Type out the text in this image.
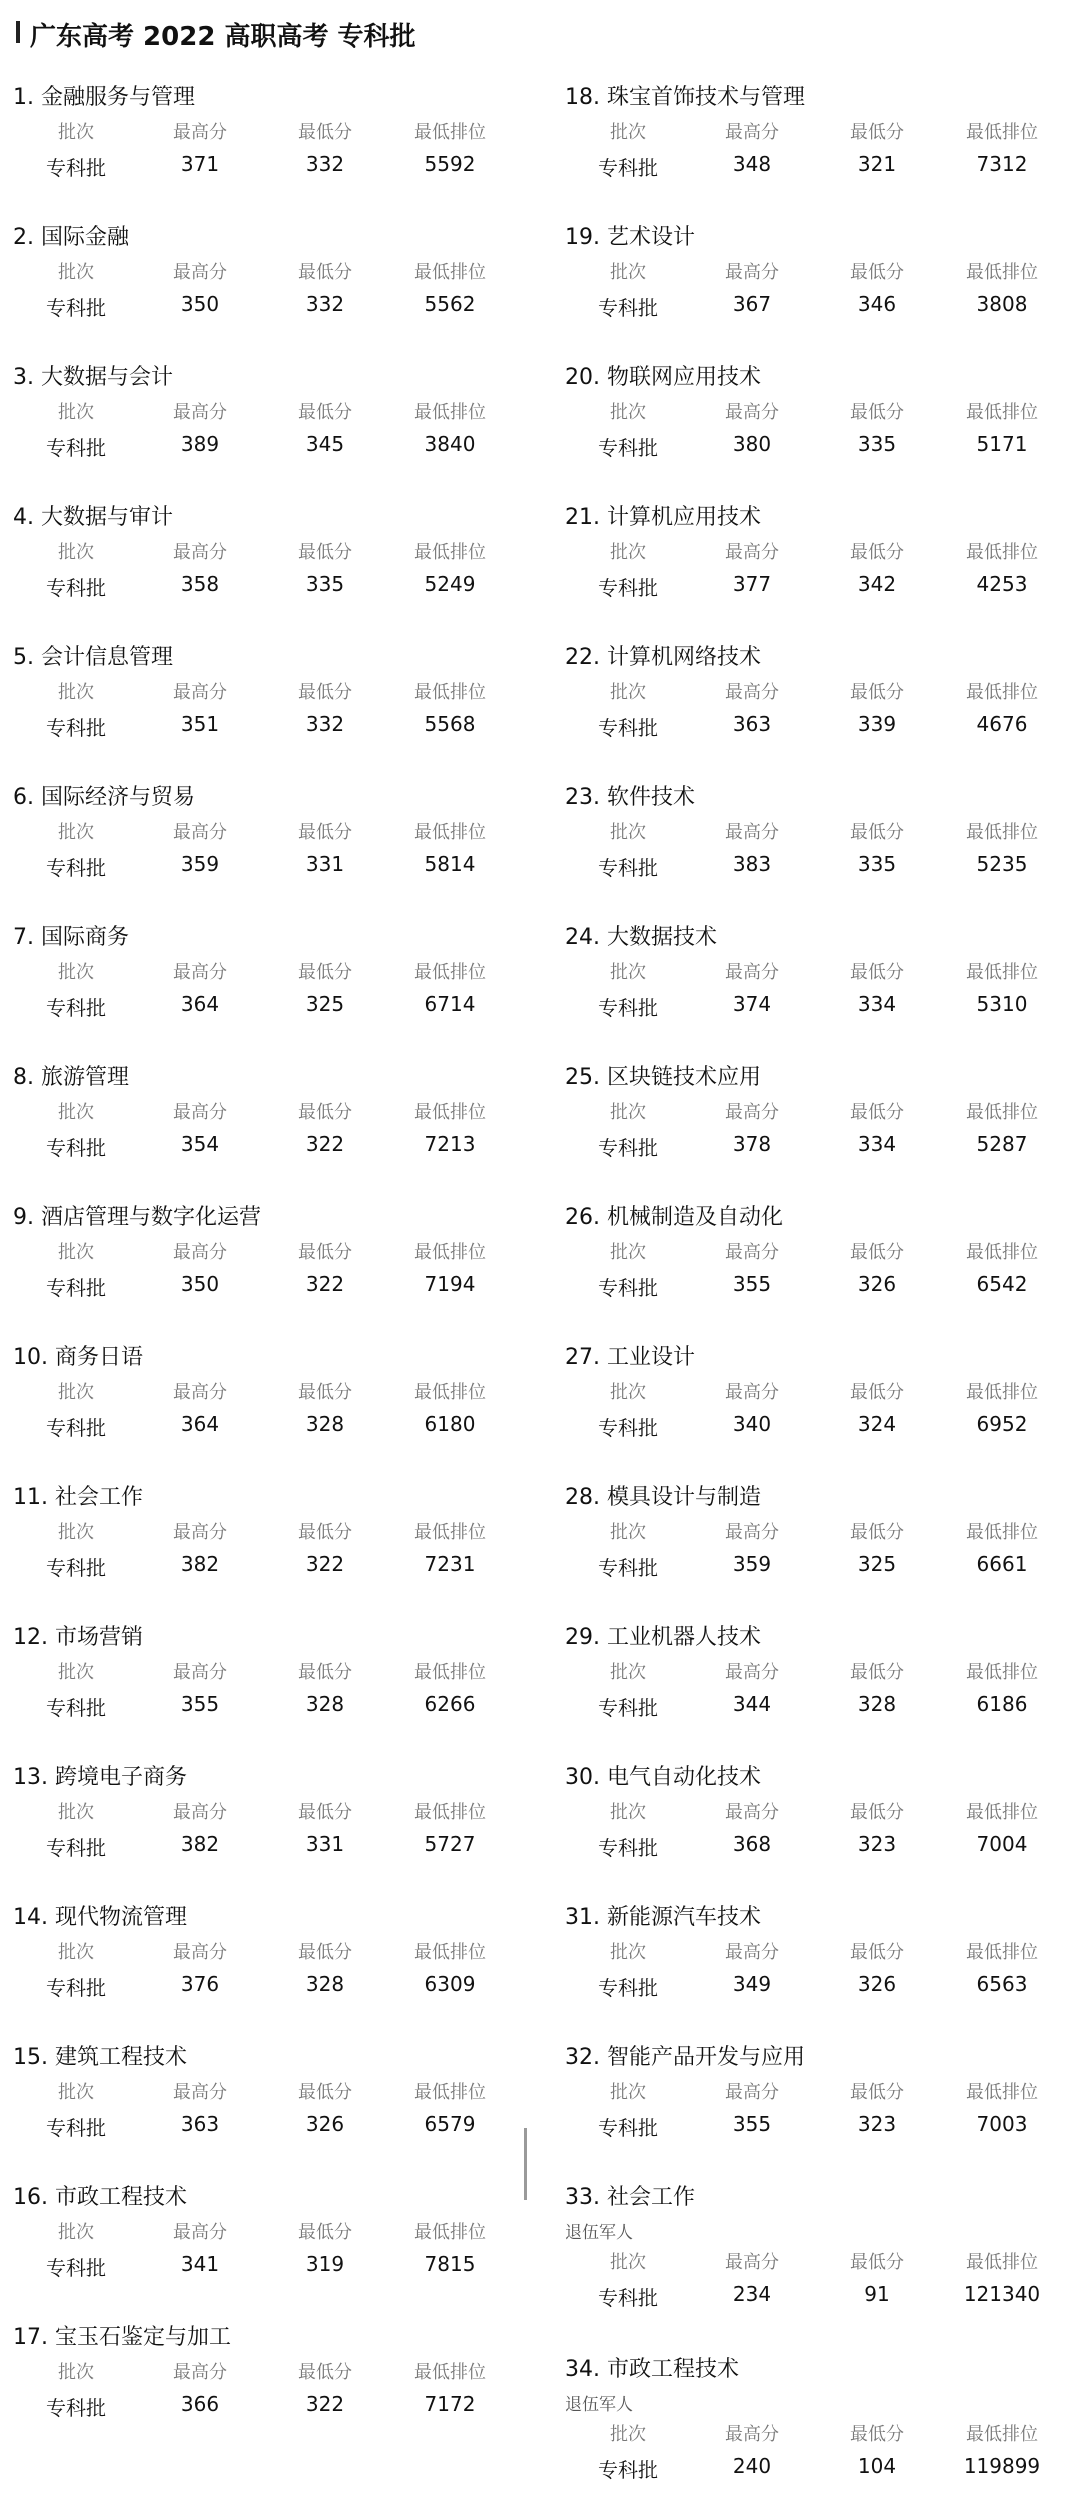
广东高考 2022 高职高考 专科批
1. 金融服务与管理
批次	最高分	最低分	最低排位
专科批	371	332	5592
2. 国际金融
批次	最高分	最低分	最低排位
专科批	350	332	5562
3. 大数据与会计
批次	最高分	最低分	最低排位
专科批	389	345	3840
4. 大数据与审计
批次	最高分	最低分	最低排位
专科批	358	335	5249
5. 会计信息管理
批次	最高分	最低分	最低排位
专科批	351	332	5568
6. 国际经济与贸易
批次	最高分	最低分	最低排位
专科批	359	331	5814
7. 国际商务
批次	最高分	最低分	最低排位
专科批	364	325	6714
8. 旅游管理
批次	最高分	最低分	最低排位
专科批	354	322	7213
9. 酒店管理与数字化运营
批次	最高分	最低分	最低排位
专科批	350	322	7194
10. 商务日语
批次	最高分	最低分	最低排位
专科批	364	328	6180
11. 社会工作
批次	最高分	最低分	最低排位
专科批	382	322	7231
12. 市场营销
批次	最高分	最低分	最低排位
专科批	355	328	6266
13. 跨境电子商务
批次	最高分	最低分	最低排位
专科批	382	331	5727
14. 现代物流管理
批次	最高分	最低分	最低排位
专科批	376	328	6309
15. 建筑工程技术
批次	最高分	最低分	最低排位
专科批	363	326	6579
16. 市政工程技术
批次	最高分	最低分	最低排位
专科批	341	319	7815
17. 宝玉石鉴定与加工
批次	最高分	最低分	最低排位
专科批	366	322	7172
18. 珠宝首饰技术与管理
批次	最高分	最低分	最低排位
专科批	348	321	7312
19. 艺术设计
批次	最高分	最低分	最低排位
专科批	367	346	3808
20. 物联网应用技术
批次	最高分	最低分	最低排位
专科批	380	335	5171
21. 计算机应用技术
批次	最高分	最低分	最低排位
专科批	377	342	4253
22. 计算机网络技术
批次	最高分	最低分	最低排位
专科批	363	339	4676
23. 软件技术
批次	最高分	最低分	最低排位
专科批	383	335	5235
24. 大数据技术
批次	最高分	最低分	最低排位
专科批	374	334	5310
25. 区块链技术应用
批次	最高分	最低分	最低排位
专科批	378	334	5287
26. 机械制造及自动化
批次	最高分	最低分	最低排位
专科批	355	326	6542
27. 工业设计
批次	最高分	最低分	最低排位
专科批	340	324	6952
28. 模具设计与制造
批次	最高分	最低分	最低排位
专科批	359	325	6661
29. 工业机器人技术
批次	最高分	最低分	最低排位
专科批	344	328	6186
30. 电气自动化技术
批次	最高分	最低分	最低排位
专科批	368	323	7004
31. 新能源汽车技术
批次	最高分	最低分	最低排位
专科批	349	326	6563
32. 智能产品开发与应用
批次	最高分	最低分	最低排位
专科批	355	323	7003
33. 社会工作
退伍军人
批次	最高分	最低分	最低排位
专科批	234	91	121340
34. 市政工程技术
退伍军人
批次	最高分	最低分	最低排位
专科批	240	104	119899
